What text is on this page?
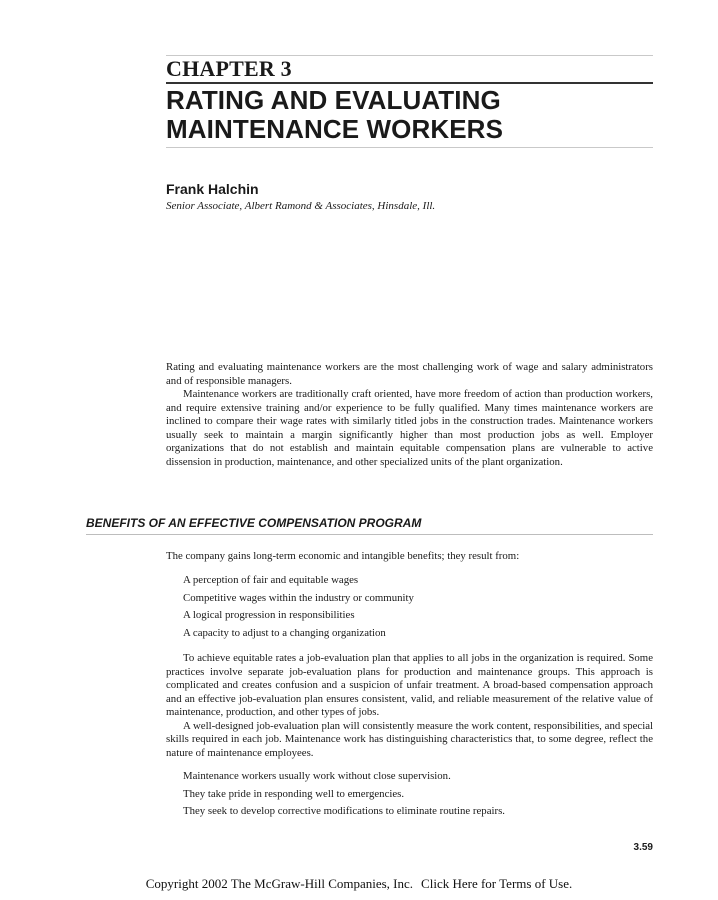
CHAPTER 3
RATING AND EVALUATING
MAINTENANCE WORKERS
Frank Halchin
Senior Associate, Albert Ramond & Associates, Hinsdale, Ill.

Rating and evaluating maintenance workers are the most challenging work of wage and salary administrators and of responsible managers.

Maintenance workers are traditionally craft oriented, have more freedom of action than production workers, and require extensive training and/or experience to be fully qualified. Many times maintenance workers are inclined to compare their wage rates with similarly titled jobs in the construction trades. Maintenance workers usually seek to maintain a margin significantly higher than most production jobs as well. Employer organizations that do not establish and maintain equitable compensation plans are vulnerable to active dissension in production, maintenance, and other specialized units of the plant organization.

BENEFITS OF AN EFFECTIVE COMPENSATION PROGRAM

The company gains long-term economic and intangible benefits; they result from:

A perception of fair and equitable wages
Competitive wages within the industry or community
A logical progression in responsibilities
A capacity to adjust to a changing organization

To achieve equitable rates a job-evaluation plan that applies to all jobs in the organization is required. Some practices involve separate job-evaluation plans for production and maintenance groups. This approach is complicated and creates confusion and a suspicion of unfair treatment. A broad-based compensation approach and an effective job-evaluation plan ensures consistent, valid, and reliable measurement of the relative value of maintenance, production, and other types of jobs.

A well-designed job-evaluation plan will consistently measure the work content, responsibilities, and special skills required in each job. Maintenance work has distinguishing characteristics that, to some degree, reflect the nature of maintenance employees.

Maintenance workers usually work without close supervision.
They take pride in responding well to emergencies.
They seek to develop corrective modifications to eliminate routine repairs.
3.59
Copyright 2002 The McGraw-Hill Companies, Inc. Click Here for Terms of Use.
